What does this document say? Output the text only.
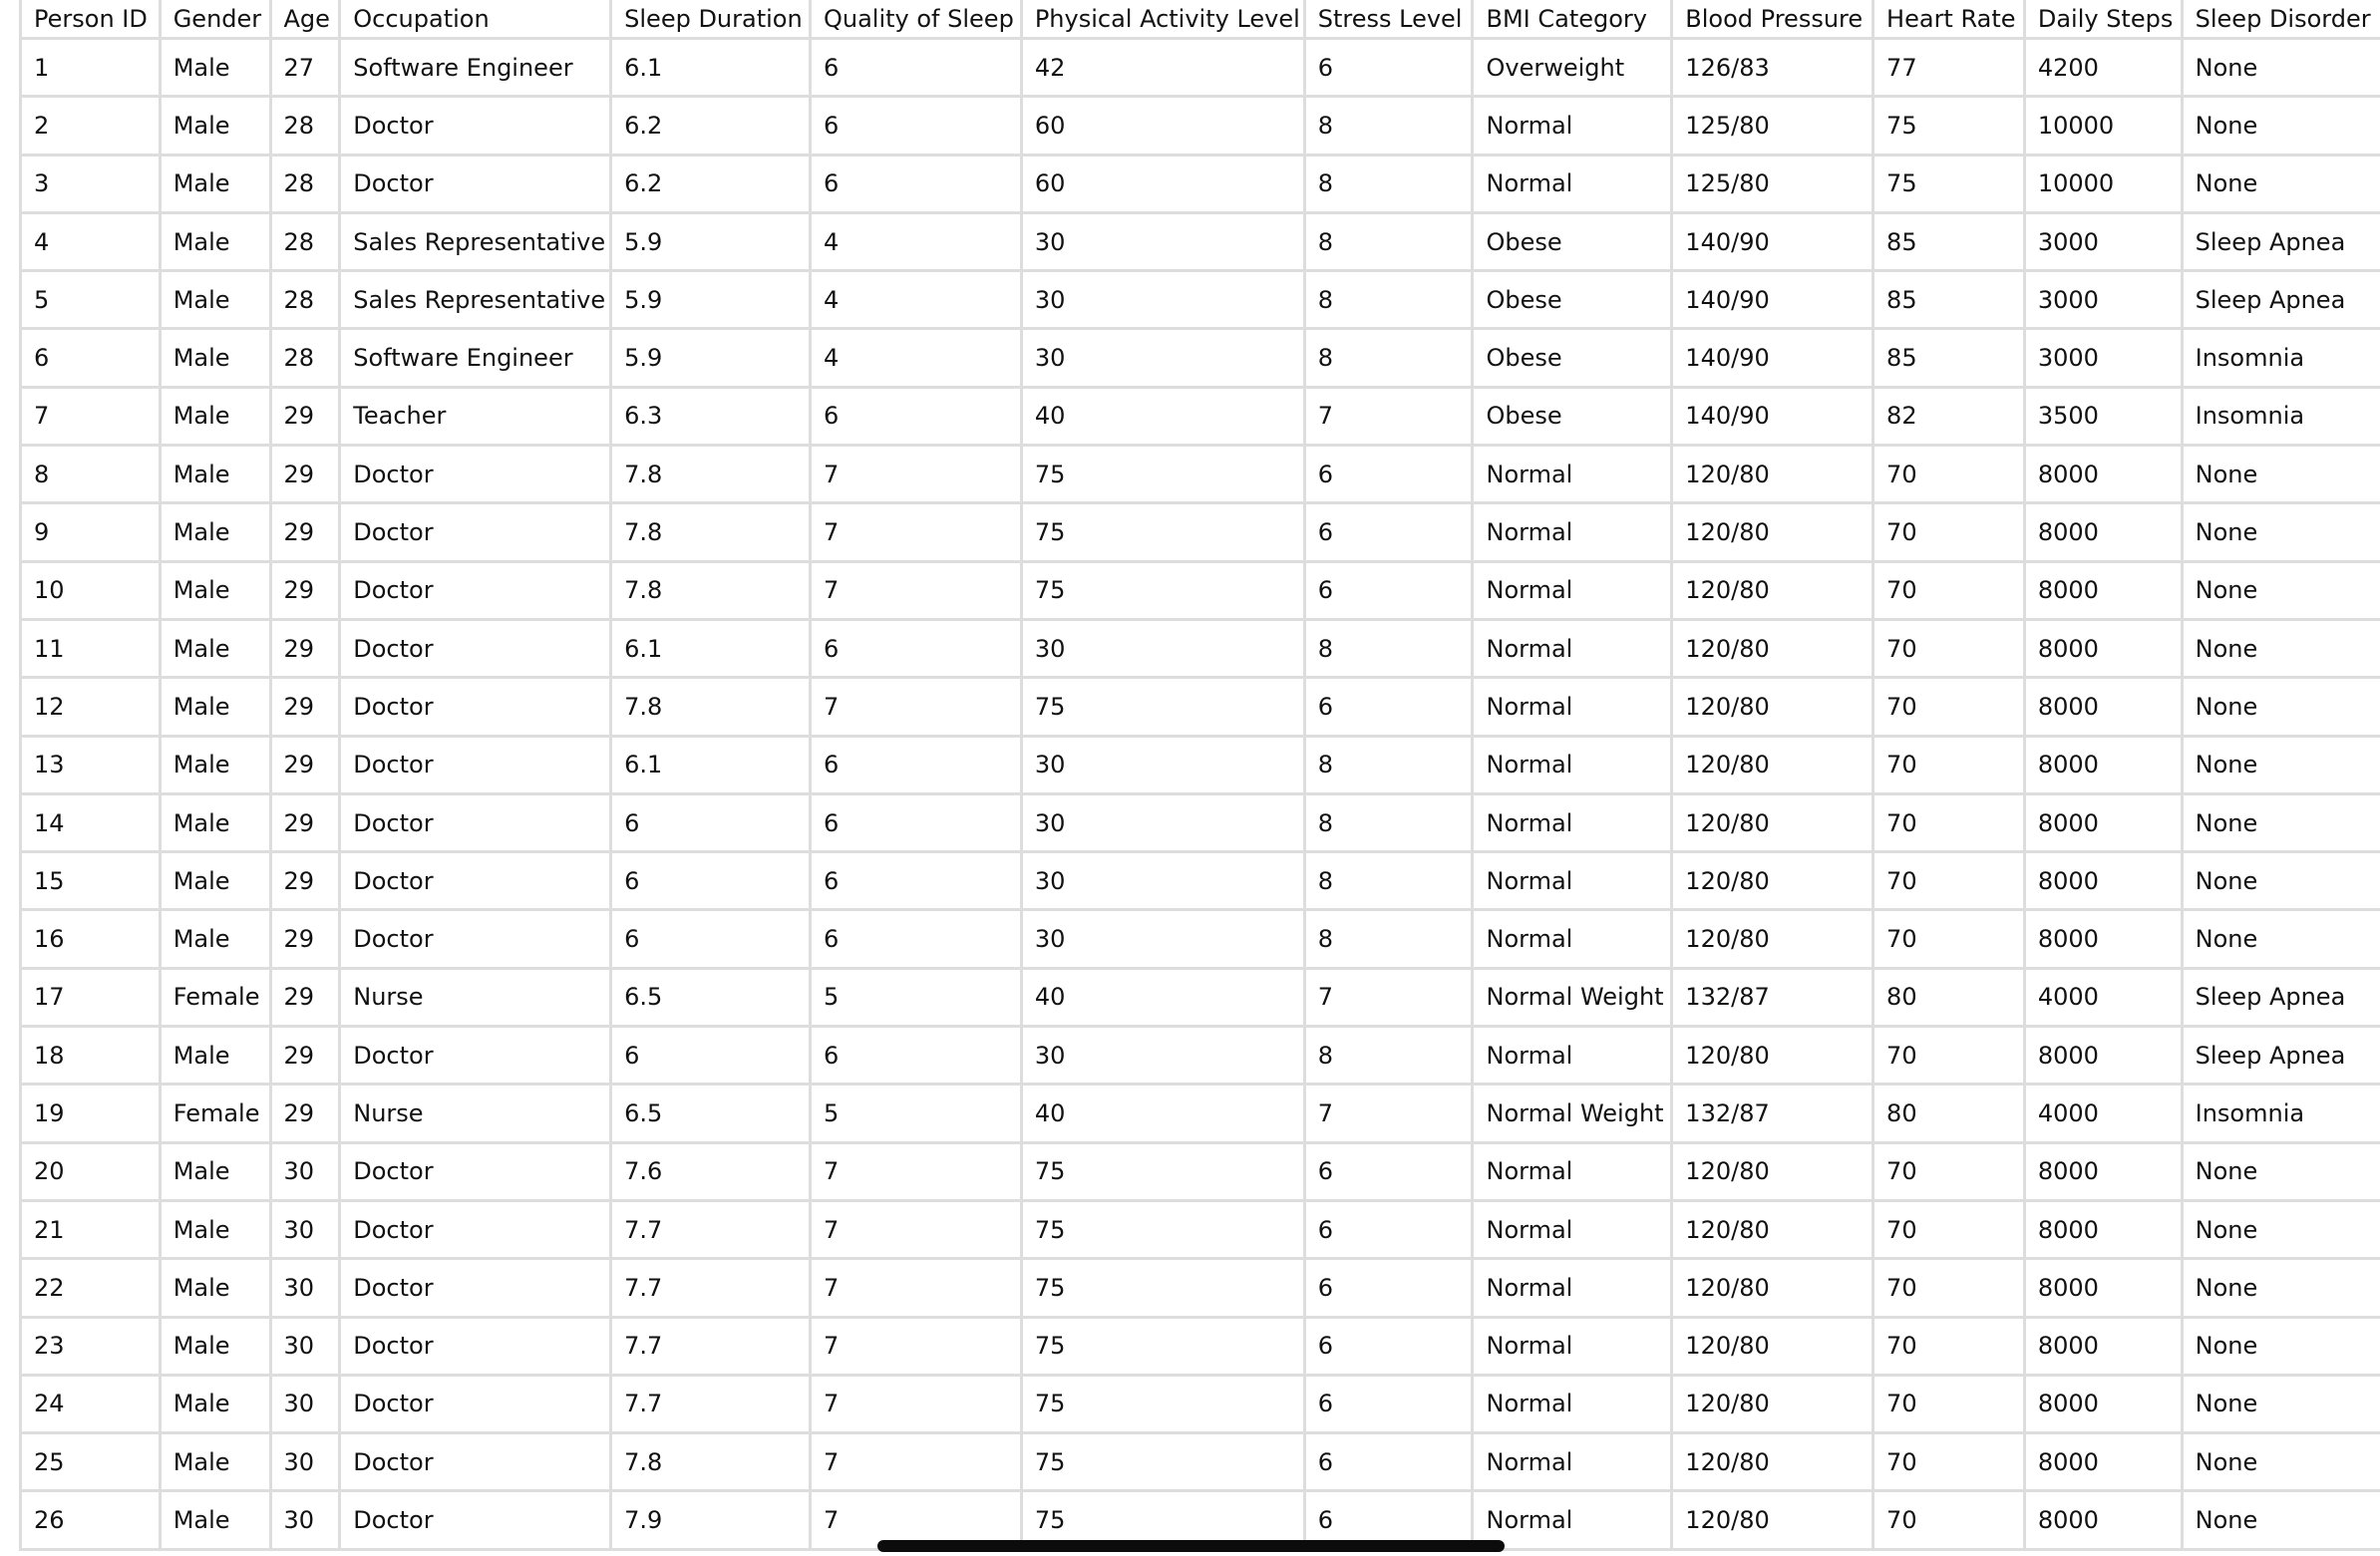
Person ID	Gender	Age	Occupation	Sleep Duration	Quality of Sleep	Physical Activity Level	Stress Level	BMI Category	Blood Pressure	Heart Rate	Daily Steps	Sleep Disorder
1	Male	27	Software Engineer	6.1	6	42	6	Overweight	126/83	77	4200	None
2	Male	28	Doctor	6.2	6	60	8	Normal	125/80	75	10000	None
3	Male	28	Doctor	6.2	6	60	8	Normal	125/80	75	10000	None
4	Male	28	Sales Representative	5.9	4	30	8	Obese	140/90	85	3000	Sleep Apnea
5	Male	28	Sales Representative	5.9	4	30	8	Obese	140/90	85	3000	Sleep Apnea
6	Male	28	Software Engineer	5.9	4	30	8	Obese	140/90	85	3000	Insomnia
7	Male	29	Teacher	6.3	6	40	7	Obese	140/90	82	3500	Insomnia
8	Male	29	Doctor	7.8	7	75	6	Normal	120/80	70	8000	None
9	Male	29	Doctor	7.8	7	75	6	Normal	120/80	70	8000	None
10	Male	29	Doctor	7.8	7	75	6	Normal	120/80	70	8000	None
11	Male	29	Doctor	6.1	6	30	8	Normal	120/80	70	8000	None
12	Male	29	Doctor	7.8	7	75	6	Normal	120/80	70	8000	None
13	Male	29	Doctor	6.1	6	30	8	Normal	120/80	70	8000	None
14	Male	29	Doctor	6	6	30	8	Normal	120/80	70	8000	None
15	Male	29	Doctor	6	6	30	8	Normal	120/80	70	8000	None
16	Male	29	Doctor	6	6	30	8	Normal	120/80	70	8000	None
17	Female	29	Nurse	6.5	5	40	7	Normal Weight	132/87	80	4000	Sleep Apnea
18	Male	29	Doctor	6	6	30	8	Normal	120/80	70	8000	Sleep Apnea
19	Female	29	Nurse	6.5	5	40	7	Normal Weight	132/87	80	4000	Insomnia
20	Male	30	Doctor	7.6	7	75	6	Normal	120/80	70	8000	None
21	Male	30	Doctor	7.7	7	75	6	Normal	120/80	70	8000	None
22	Male	30	Doctor	7.7	7	75	6	Normal	120/80	70	8000	None
23	Male	30	Doctor	7.7	7	75	6	Normal	120/80	70	8000	None
24	Male	30	Doctor	7.7	7	75	6	Normal	120/80	70	8000	None
25	Male	30	Doctor	7.8	7	75	6	Normal	120/80	70	8000	None
26	Male	30	Doctor	7.9	7	75	6	Normal	120/80	70	8000	None
